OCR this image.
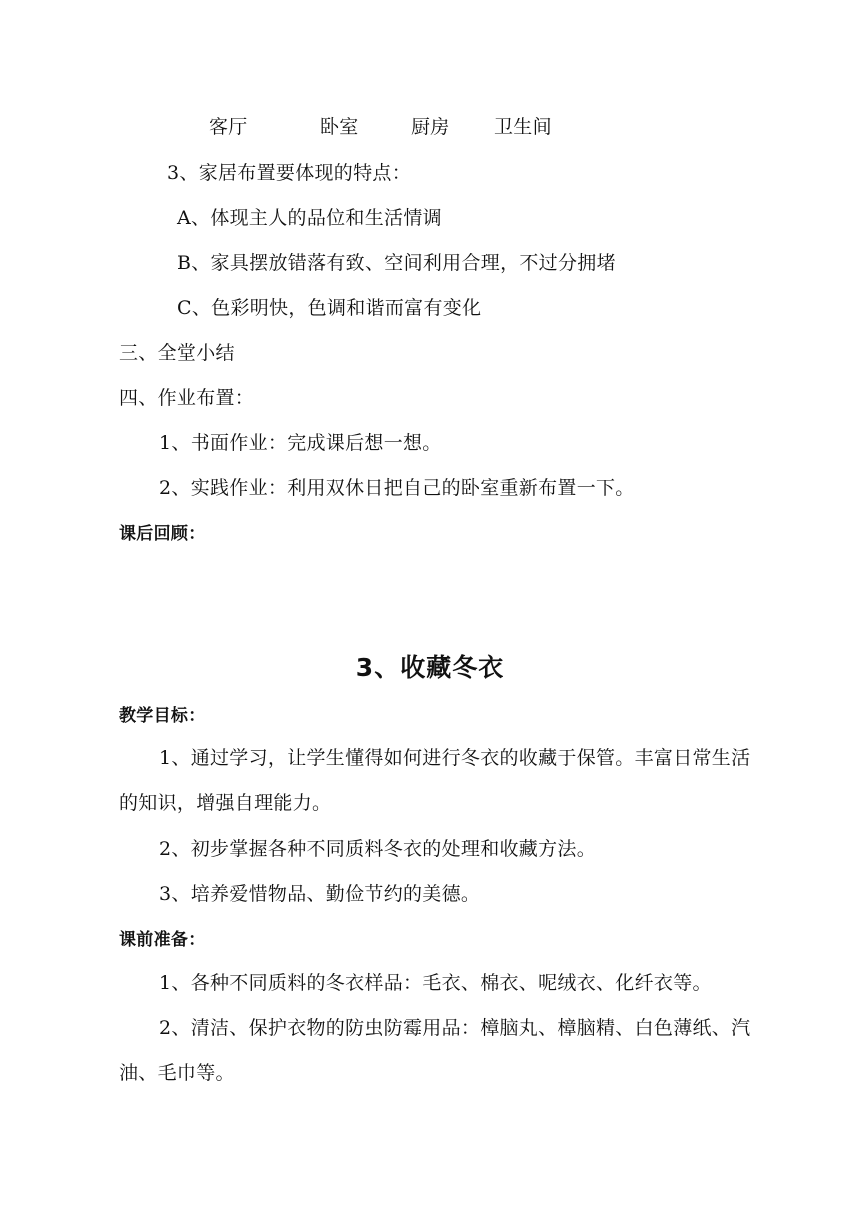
客厅	卧室	厨房 卫生间
3、家居布置要体现的特点：
A、体现主人的品位和生活情调
B、家具摆放错落有致、空间利用合理，不过分拥堵
C、色彩明快，色调和谐而富有变化
三、全堂小结
四、作业布置：
1、书面作业：完成课后想一想。
2、实践作业：利用双休日把自己的卧室重新布置一下。
课后回顾：
3、收藏冬衣
教学目标：
1、通过学习，让学生懂得如何进行冬衣的收藏于保管。丰富日常生活
的知识，增强自理能力。
2、初步掌握各种不同质料冬衣的处理和收藏方法。
3、培养爱惜物品、勤俭节约的美德。
课前准备：
1、各种不同质料的冬衣样品：毛衣、棉衣、呢绒衣、化纤衣等。
2、清洁、保护衣物的防虫防霉用品：樟脑丸、樟脑精、白色薄纸、汽
油、毛巾等。
